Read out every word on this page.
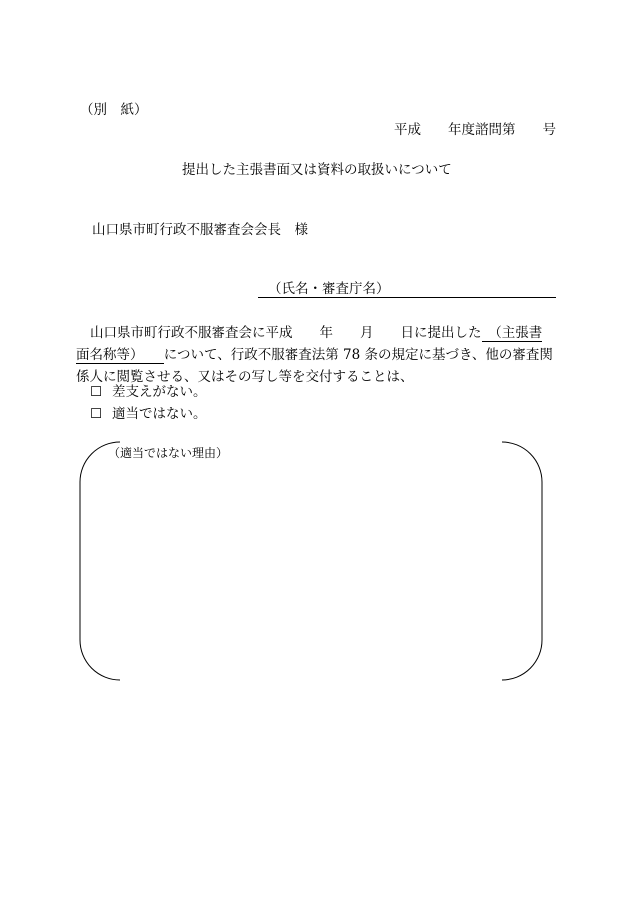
（別　紙）
平成　　年度諮問第　　号
提出した主張書面又は資料の取扱いについて
山口県市町行政不服審査会会長　様
（氏名・審査庁名）
山口県市町行政不服審査会に平成　　年　　月　　日に提出した　（主張書
面名称等）　　について、行政不服審査法第 78 条の規定に基づき、他の審査関
係人に閲覧させる、又はその写し等を交付することは、
☐ 差支えがない。
☐ 適当ではない。
（適当ではない理由）
